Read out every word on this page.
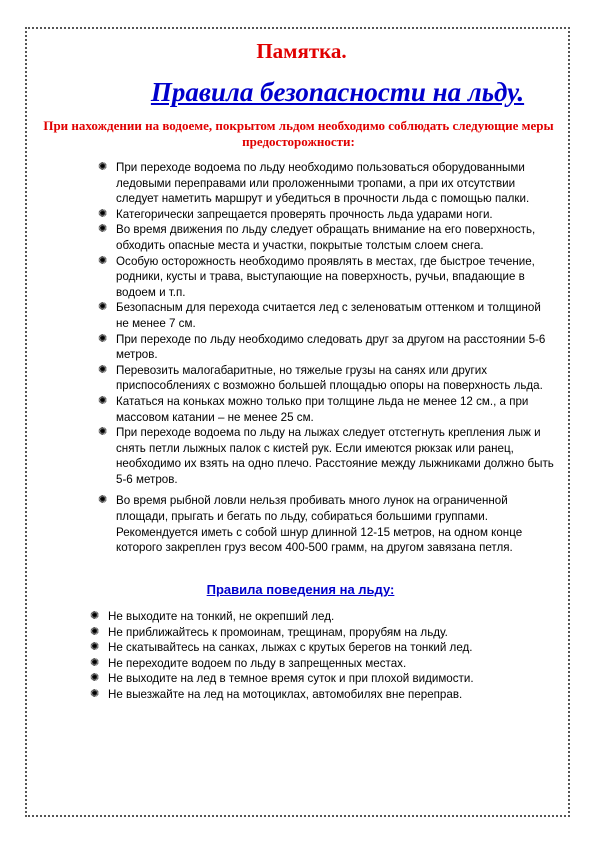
Памятка.
Правила безопасности на льду.

При нахождении на водоеме, покрытом льдом необходимо соблюдать следующие меры предосторожности:

✺ При переходе водоема по льду необходимо пользоваться оборудованными ледовыми переправами или проложенными тропами, а при их отсутствии следует наметить маршрут и убедиться в прочности льда с помощью палки.
✺ Категорически запрещается проверять прочность льда ударами ноги.
✺ Во время движения по льду следует обращать внимание на его поверхность, обходить опасные места и участки, покрытые толстым слоем снега.
✺ Особую осторожность необходимо проявлять в местах, где быстрое течение, родники, кусты и трава, выступающие на поверхность, ручьи, впадающие в водоем и т.п.
✺ Безопасным для перехода считается лед с зеленоватым оттенком и толщиной не менее 7 см.
✺ При переходе по льду необходимо следовать друг за другом на расстоянии 5-6 метров.
✺ Перевозить малогабаритные, но тяжелые грузы на санях или других приспособлениях с возможно большей площадью опоры на поверхность льда.
✺ Кататься на коньках можно только при толщине льда не менее 12 см., а при массовом катании – не менее 25 см.
✺ При переходе водоема по льду на лыжах следует отстегнуть крепления лыж и снять петли лыжных палок с кистей рук. Если имеются рюкзак или ранец, необходимо их взять на одно плечо. Расстояние между лыжниками должно быть 5-6 метров.
✺ Во время рыбной ловли нельзя пробивать много лунок на ограниченной площади, прыгать и бегать по льду, собираться большими группами. Рекомендуется иметь с собой шнур длинной 12-15 метров, на одном конце которого закреплен груз весом 400-500 грамм, на другом завязана петля.
Правила поведения на льду:
✺ Не выходите на тонкий, не окрепший лед.
✺ Не приближайтесь к промоинам, трещинам, прорубям на льду.
✺ Не скатывайтесь на санках, лыжах с крутых берегов на тонкий лед.
✺ Не переходите водоем по льду в запрещенных местах.
✺ Не выходите на лед в темное время суток и при плохой видимости.
✺ Не выезжайте на лед на мотоциклах, автомобилях вне переправ.
